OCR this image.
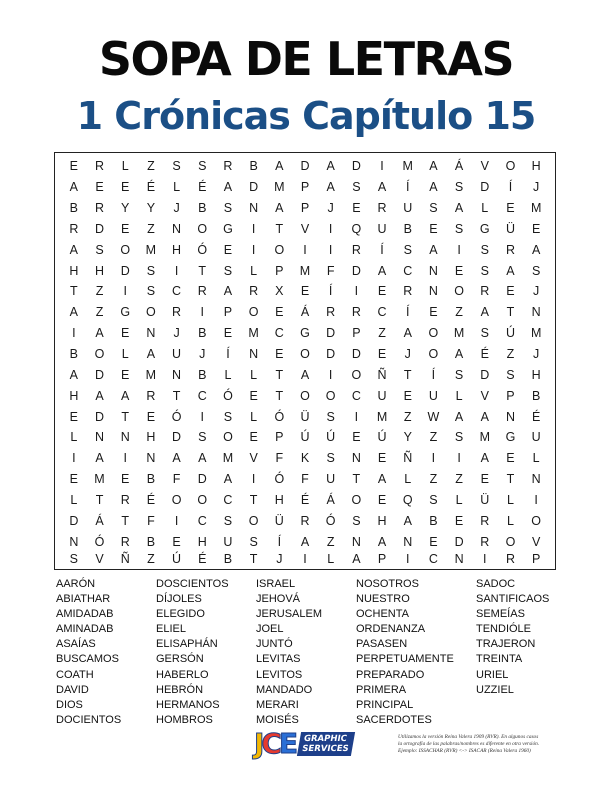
SOPA DE LETRAS
1 Crónicas Capítulo 15
E	R	L	Z	S	S	R	B	A	D	A	D	I	M	A	Á	V	O	H
A	E	E	É	L	É	A	D	M	P	A	S	A	Í	A	S	D	Í	J
B	R	Y	Y	J	B	S	N	A	P	J	E	R	U	S	A	L	E	M
R	D	E	Z	N	O	G	I	T	V	I	Q	U	B	E	S	G	Ü	E
A	S	O	M	H	Ó	E	I	O	I	I	R	Í	S	A	I	S	R	A
H	H	D	S	I	T	S	L	P	M	F	D	A	C	N	E	S	A	S
T	Z	I	S	C	R	A	R	X	E	Í	I	E	R	N	O	R	E	J
A	Z	G	O	R	I	P	O	E	Á	R	R	C	Í	E	Z	A	T	N
I	A	E	N	J	B	E	M	C	G	D	P	Z	A	O	M	S	Ú	M
B	O	L	A	U	J	Í	N	E	O	D	D	E	J	O	A	É	Z	J
A	D	E	M	N	B	L	L	T	A	I	O	Ñ	T	Í	S	D	S	H
H	A	A	R	T	C	Ó	E	T	O	O	C	U	E	U	L	V	P	B
E	D	T	E	Ó	I	S	L	Ó	Ü	S	I	M	Z	W	A	A	N	É
L	N	N	H	D	S	O	E	P	Ú	Ú	E	Ú	Y	Z	S	M	G	U
I	A	I	N	A	A	M	V	F	K	S	N	E	Ñ	I	I	A	E	L
E	M	E	B	F	D	A	I	Ó	F	U	T	A	L	Z	Z	E	T	N
L	T	R	É	O	O	C	T	H	É	Á	O	E	Q	S	L	Ü	L	I
D	Á	T	F	I	C	S	O	Ü	R	Ó	S	H	A	B	E	R	L	O
N	Ó	R	B	E	H	U	S	Í	A	Z	N	A	N	E	D	R	O	V
S	V	Ñ	Z	Ú	É	B	T	J	I	L	A	P	I	C	N	I	R	P
AARÓN
ABIATHAR
AMIDADAB
AMINADAB
ASAÍAS
BUSCAMOS
COATH
DAVID
DIOS
DOCIENTOS
DOSCIENTOS
DÍJOLES
ELEGIDO
ELIEL
ELISAPHÁN
GERSÓN
HABERLO
HEBRÓN
HERMANOS
HOMBROS
ISRAEL
JEHOVÁ
JERUSALEM
JOEL
JUNTÓ
LEVITAS
LEVITOS
MANDADO
MERARI
MOISÉS
NOSOTROS
NUESTRO
OCHENTA
ORDENANZA
PASASEN
PERPETUAMENTE
PREPARADO
PRIMERA
PRINCIPAL
SACERDOTES
SADOC
SANTIFICAOS
SEMEÍAS
TENDIÓLE
TRAJERON
TREINTA
URIEL
UZZIEL
J C E GRAPHIC
SERVICES
Utilizamos la versión Reina Valera 1909 (RVR). En algunos casos
la ortografía de las palabras/nombres es diferente en otra versión.
Ejemplo: ISSACHAR (RVR) <-> ISACAR (Reina Valera 1960)
